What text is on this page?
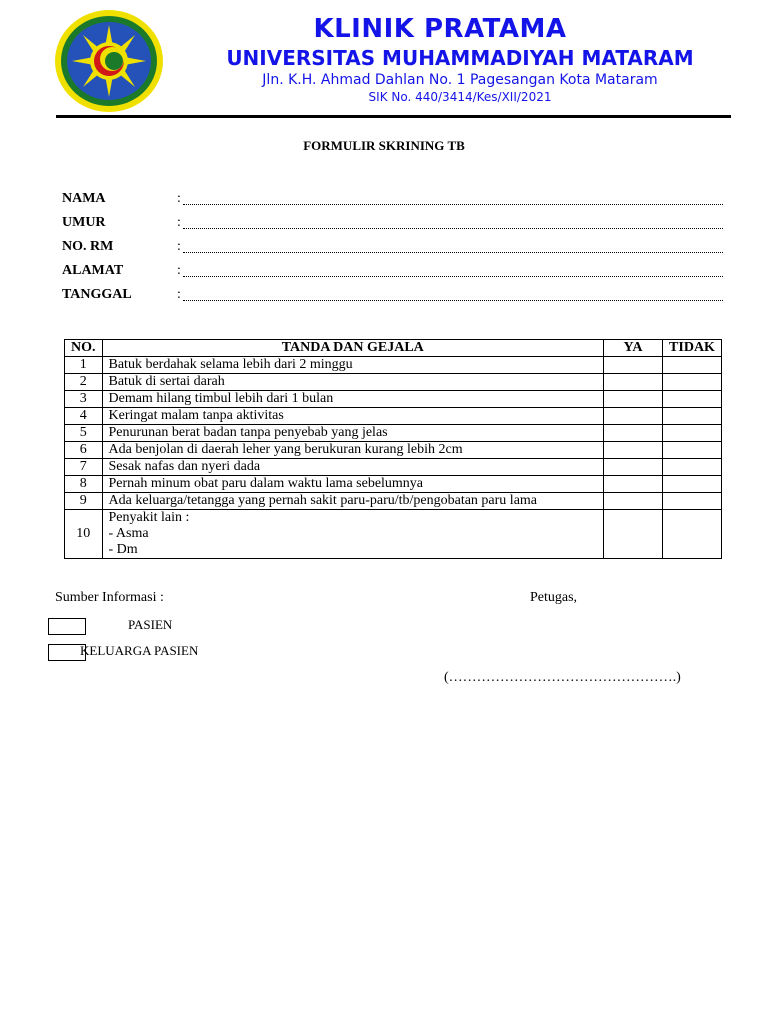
KLINIK PRATAMA
UNIVERSITAS MUHAMMADIYAH MATARAM
Jln. K.H. Ahmad Dahlan No. 1 Pagesangan Kota Mataram
SIK No. 440/3414/Kes/XII/2021
FORMULIR SKRINING TB
NAMA	:
UMUR	:
NO. RM	:
ALAMAT	:
TANGGAL	:
NO.	TANDA DAN GEJALA	YA	TIDAK
1	Batuk berdahak selama lebih dari 2 minggu		
2	Batuk di sertai darah		
3	Demam hilang timbul lebih dari 1 bulan		
4	Keringat malam tanpa aktivitas		
5	Penurunan berat badan tanpa penyebab yang jelas		
6	Ada benjolan di daerah leher yang berukuran kurang lebih 2cm		
7	Sesak nafas dan nyeri dada		
8	Pernah minum obat paru dalam waktu lama sebelumnya		
9	Ada keluarga/tetangga yang pernah sakit paru-paru/tb/pengobatan paru lama		
10	Penyakit lain :
- Asma
- Dm		

Sumber Informasi :	Petugas,
PASIEN
KELUARGA PASIEN
(………………………………………….)
